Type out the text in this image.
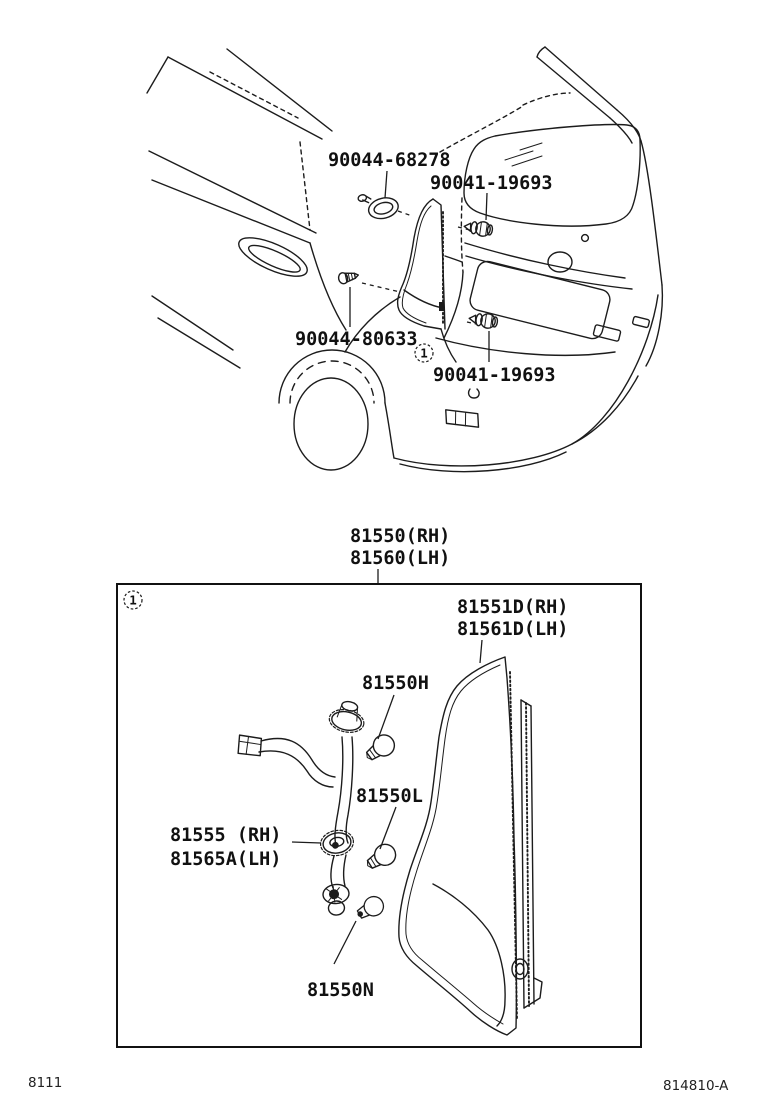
1
90044-68278
90041-19693
90044-80633
90041-19693
81550(RH)
81560(LH)
1	81551D(RH)
81561D(LH)
81550H
81550L
81555 (RH)
81565A(LH)
81550N
8111	814810-A
